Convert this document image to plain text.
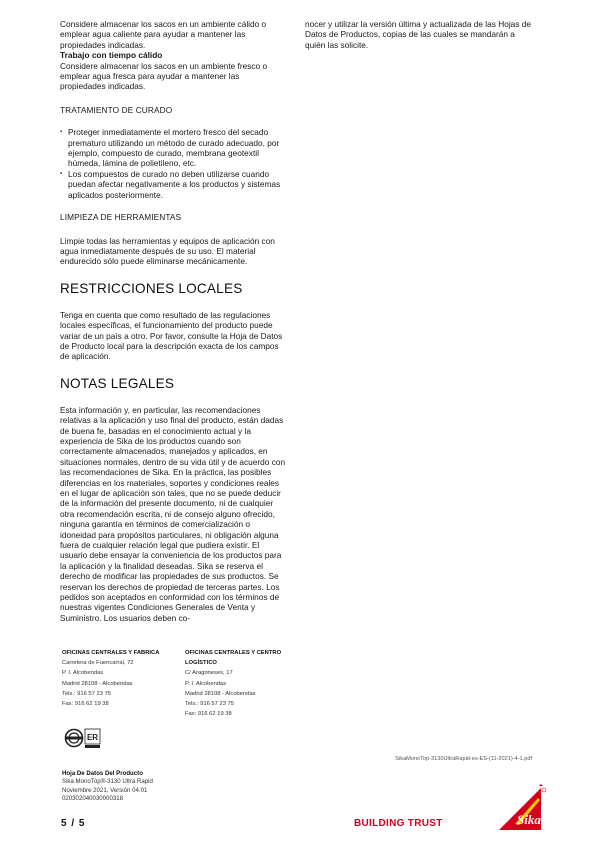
Considere almacenar los sacos en un ambiente cálido o emplear agua caliente para ayudar a mantener las propiedades indicadas.

Trabajo con tiempo cálido

Considere almacenar los sacos en un ambiente fresco o emplear agua fresca para ayudar a mantener las propiedades indicadas.

TRATAMIENTO DE CURADO

▪ Proteger inmediatamente el mortero fresco del secado prematuro utilizando un método de curado adecuado, por ejemplo, compuesto de curado, membrana geotextil húmeda, lámina de polietileno, etc.
▪ Los compuestos de curado no deben utilizarse cuando puedan afectar negativamente a los productos y sistemas aplicados posteriormente.

LIMPIEZA DE HERRAMIENTAS

Limpie todas las herramientas y equipos de aplicación con agua inmediatamente después de su uso. El material endurecido sólo puede eliminarse mecánicamente.

RESTRICCIONES LOCALES

Tenga en cuenta que como resultado de las regulaciones locales específicas, el funcionamiento del producto puede variar de un país a otro. Por favor, consulte la Hoja de Datos de Producto local para la descripción exacta de los campos de aplicación.

NOTAS LEGALES

Esta información y, en particular, las recomendaciones relativas a la aplicación y uso final del producto, están dadas de buena fe, basadas en el conocimiento actual y la experiencia de Sika de los productos cuando son correctamente almacenados, manejados y aplicados, en situaciones normales, dentro de su vida útil y de acuerdo con las recomendaciones de Sika. En la práctica, las posibles diferencias en los materiales, soportes y condiciones reales en el lugar de aplicación son tales, que no se puede deducir de la información del presente documento, ni de cualquier otra recomendación escrita, ni de consejo alguno ofrecido, ninguna garantía en términos de comercialización o idoneidad para propósitos particulares, ni obligación alguna fuera de cualquier relación legal que pudiera existir. El usuario debe ensayar la conveniencia de los productos para la aplicación y la finalidad deseadas. Sika se reserva el derecho de modificar las propiedades de sus productos. Se reservan los derechos de propiedad de terceras partes. Los pedidos son aceptados en conformidad con los términos de nuestras vigentes Condiciones Generales de Venta y Suministro. Los usuarios deben co-

nocer y utilizar la versión última y actualizada de las Hojas de Datos de Productos, copias de las cuales se mandarán a quién las solicite.

OFICINAS CENTRALES Y FABRICA
Carretera de Fuencarral, 72
P. I. Alcobendas
Madrid 28108 - Alcobendas
Tels.: 916 57 23 75
Fax: 916 62 19 38
OFICINAS CENTRALES Y CENTRO
LOGÍSTICO
C/ Aragoneses, 17
P. I. Alcobendas
Madrid 28108 - Alcobendas
Tels.: 916 57 23 75
Fax: 916 62 19 38
ER
Hoja De Datos Del Producto
Sika MonoTop®-3130 Ultra Rapid
Noviembre 2021, Versión 04.01
020302040030000318
SikaMonoTop-3130UltraRapid-es-ES-(11-2021)-4-1.pdf
5 / 5	BUILDING TRUST	Sika
